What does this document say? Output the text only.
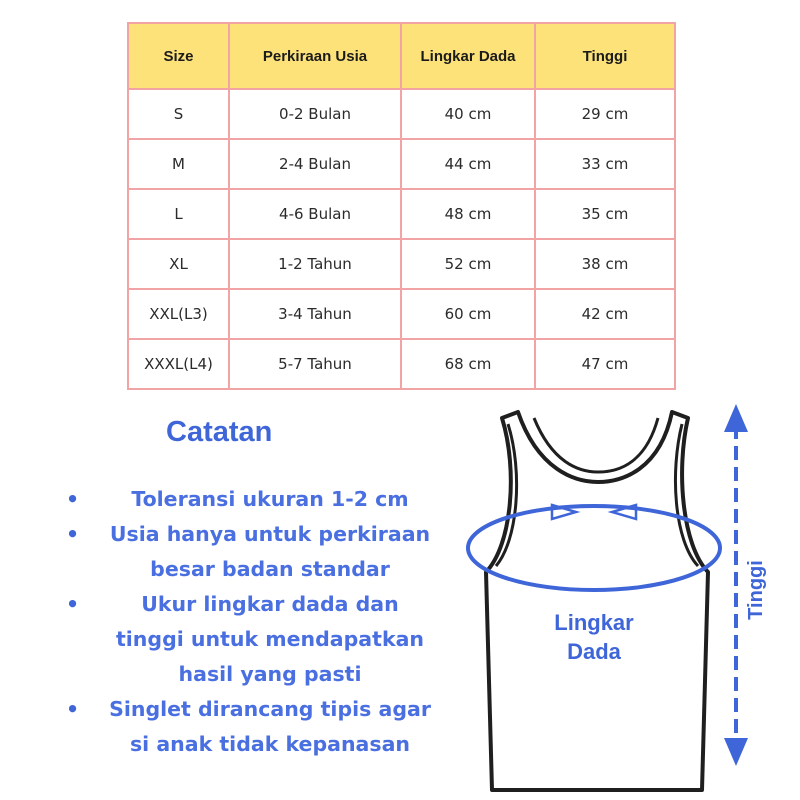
Size	Perkiraan Usia	Lingkar Dada	Tinggi
S	0-2 Bulan	40 cm	29 cm
M	2-4 Bulan	44 cm	33 cm
L	4-6 Bulan	48 cm	35 cm
XL	1-2 Tahun	52 cm	38 cm
XXL(L3)	3-4 Tahun	60 cm	42 cm
XXXL(L4)	5-7 Tahun	68 cm	47 cm
Catatan
•	Toleransi ukuran 1-2 cm
• Usia hanya untuk perkiraan
besar badan standar
•	Ukur lingkar dada dan
tinggi untuk mendapatkan
hasil yang pasti
• Singlet dirancang tipis agar
si anak tidak kepanasan
Lingkar
Dada
Tinggi
